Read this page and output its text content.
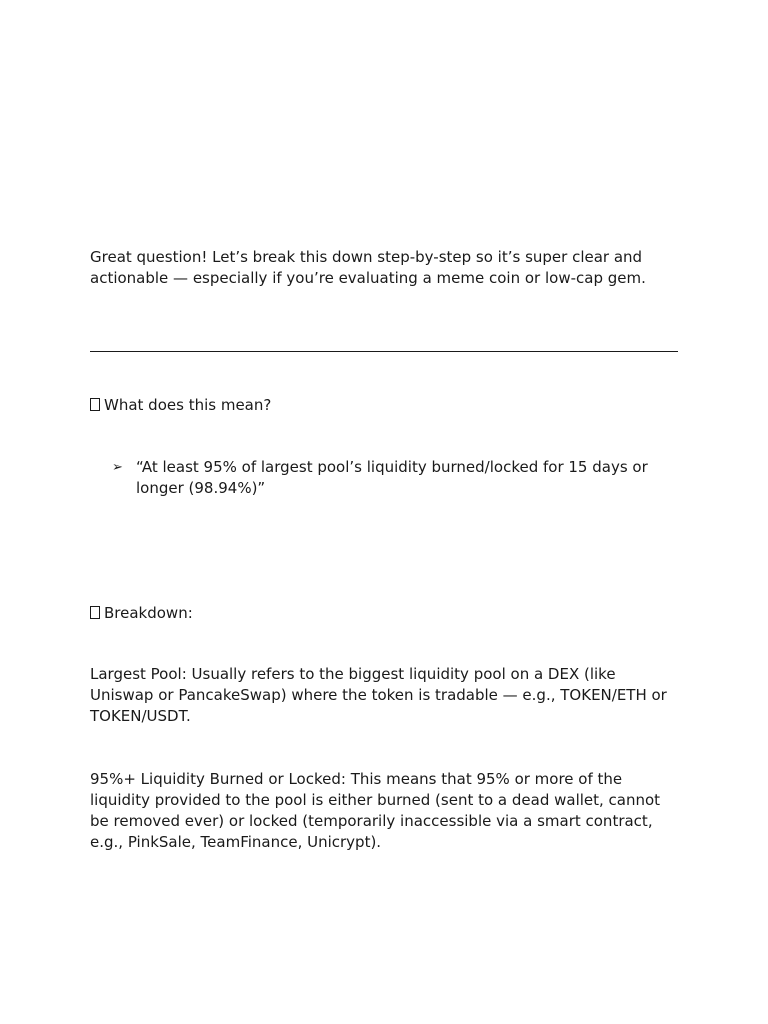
Great question! Let’s break this down step-by-step so it’s super clear and actionable — especially if you’re evaluating a meme coin or low-cap gem.

What does this mean?
➢ “At least 95% of largest pool’s liquidity burned/locked for 15 days or longer (98.94%)”

Breakdown:

Largest Pool: Usually refers to the biggest liquidity pool on a DEX (like Uniswap or PancakeSwap) where the token is tradable — e.g., TOKEN/ETH or TOKEN/USDT.

95%+ Liquidity Burned or Locked: This means that 95% or more of the liquidity provided to the pool is either burned (sent to a dead wallet, cannot be removed ever) or locked (temporarily inaccessible via a smart contract, e.g., PinkSale, TeamFinance, Unicrypt).
